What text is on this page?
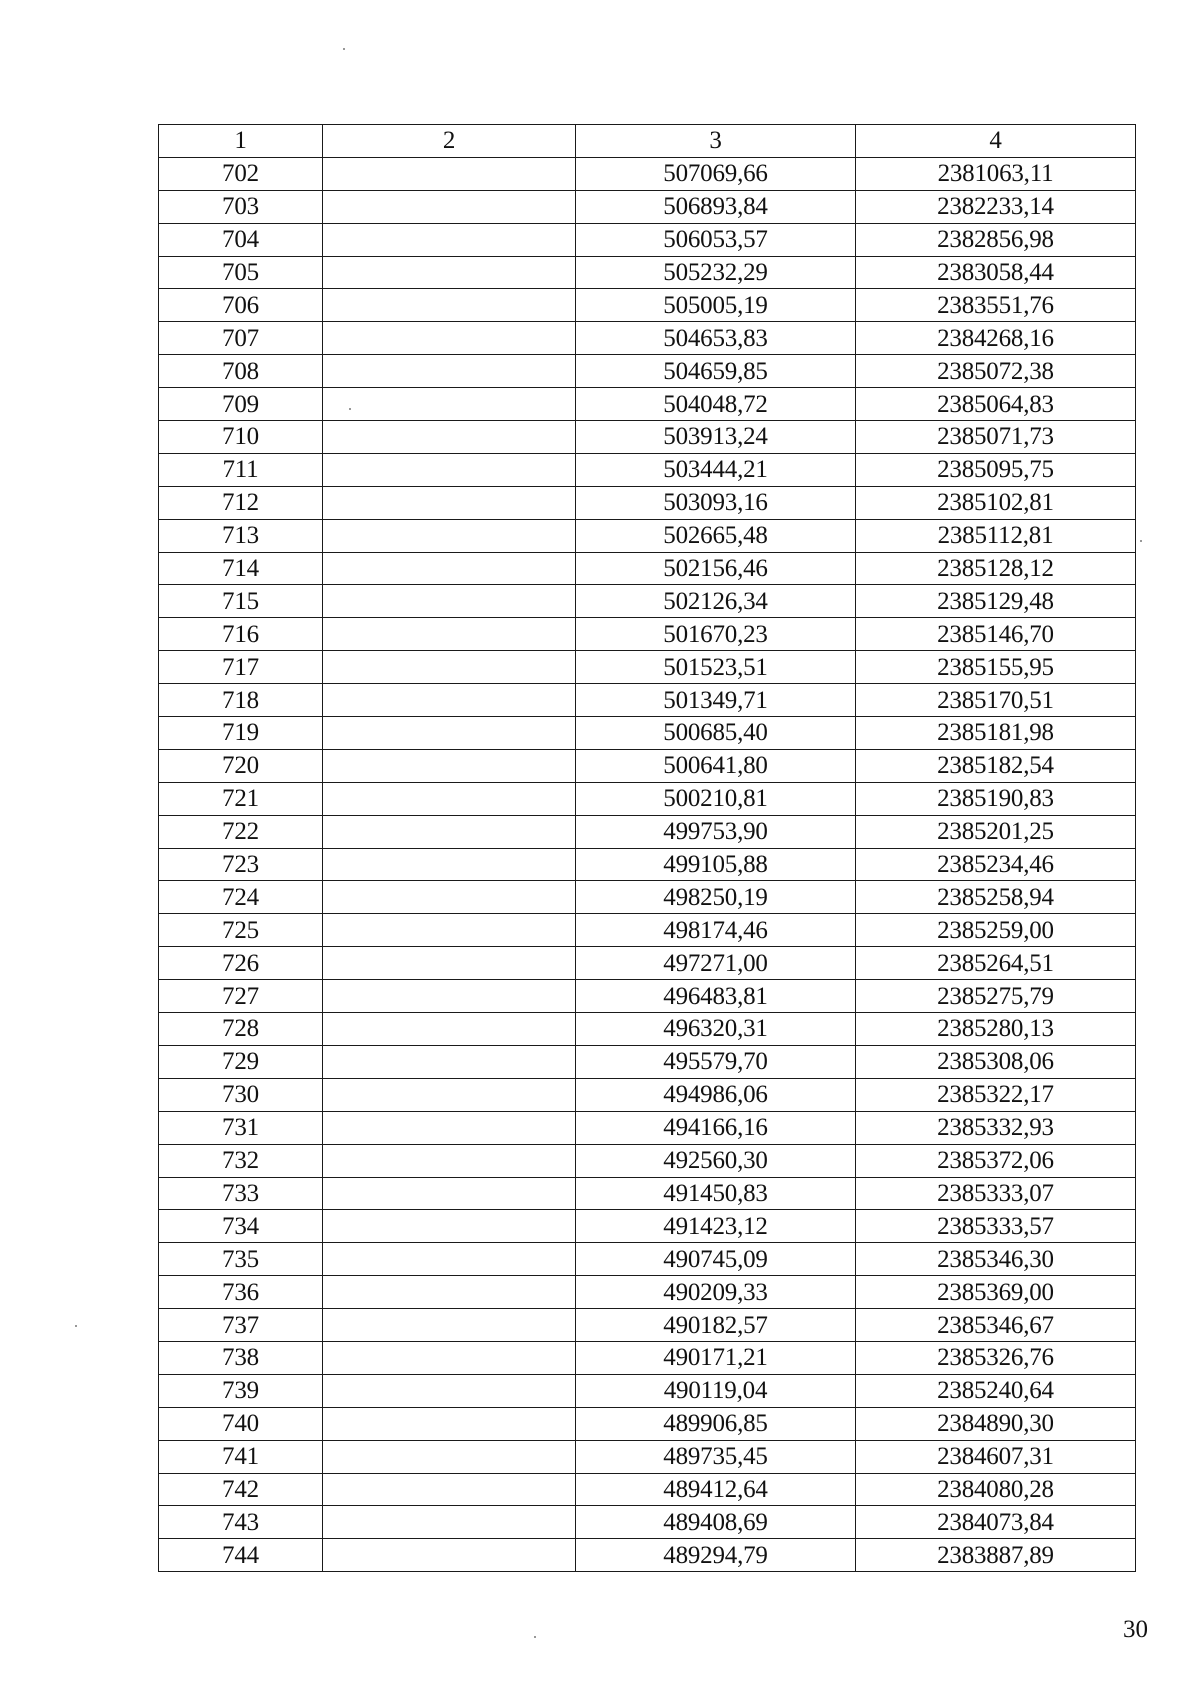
1	2	3	4
702		507069,66	2381063,11
703		506893,84	2382233,14
704		506053,57	2382856,98
705		505232,29	2383058,44
706		505005,19	2383551,76
707		504653,83	2384268,16
708		504659,85	2385072,38
709		504048,72	2385064,83
710		503913,24	2385071,73
711		503444,21	2385095,75
712		503093,16	2385102,81
713		502665,48	2385112,81
714		502156,46	2385128,12
715		502126,34	2385129,48
716		501670,23	2385146,70
717		501523,51	2385155,95
718		501349,71	2385170,51
719		500685,40	2385181,98
720		500641,80	2385182,54
721		500210,81	2385190,83
722		499753,90	2385201,25
723		499105,88	2385234,46
724		498250,19	2385258,94
725		498174,46	2385259,00
726		497271,00	2385264,51
727		496483,81	2385275,79
728		496320,31	2385280,13
729		495579,70	2385308,06
730		494986,06	2385322,17
731		494166,16	2385332,93
732		492560,30	2385372,06
733		491450,83	2385333,07
734		491423,12	2385333,57
735		490745,09	2385346,30
736		490209,33	2385369,00
737		490182,57	2385346,67
738		490171,21	2385326,76
739		490119,04	2385240,64
740		489906,85	2384890,30
741		489735,45	2384607,31
742		489412,64	2384080,28
743		489408,69	2384073,84
744		489294,79	2383887,89
30
